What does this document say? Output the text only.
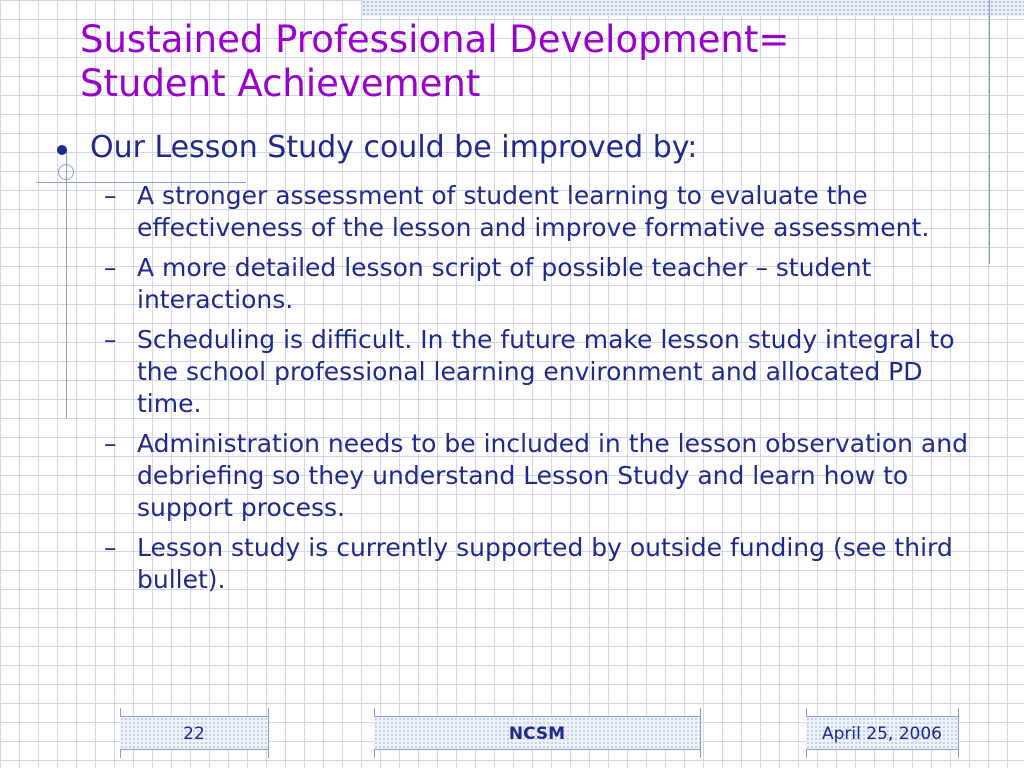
Sustained Professional Development=
Student Achievement
Our Lesson Study could be improved by:
– A stronger assessment of student learning to evaluate the effectiveness of the lesson and improve formative assessment.
– A more detailed lesson script of possible teacher – student interactions.
– Scheduling is difficult. In the future make lesson study integral to the school professional learning environment and allocated PD time.
– Administration needs to be included in the lesson observation and debriefing so they understand Lesson Study and learn how to support process.
– Lesson study is currently supported by outside funding (see third bullet).
22	NCSM	April 25, 2006
